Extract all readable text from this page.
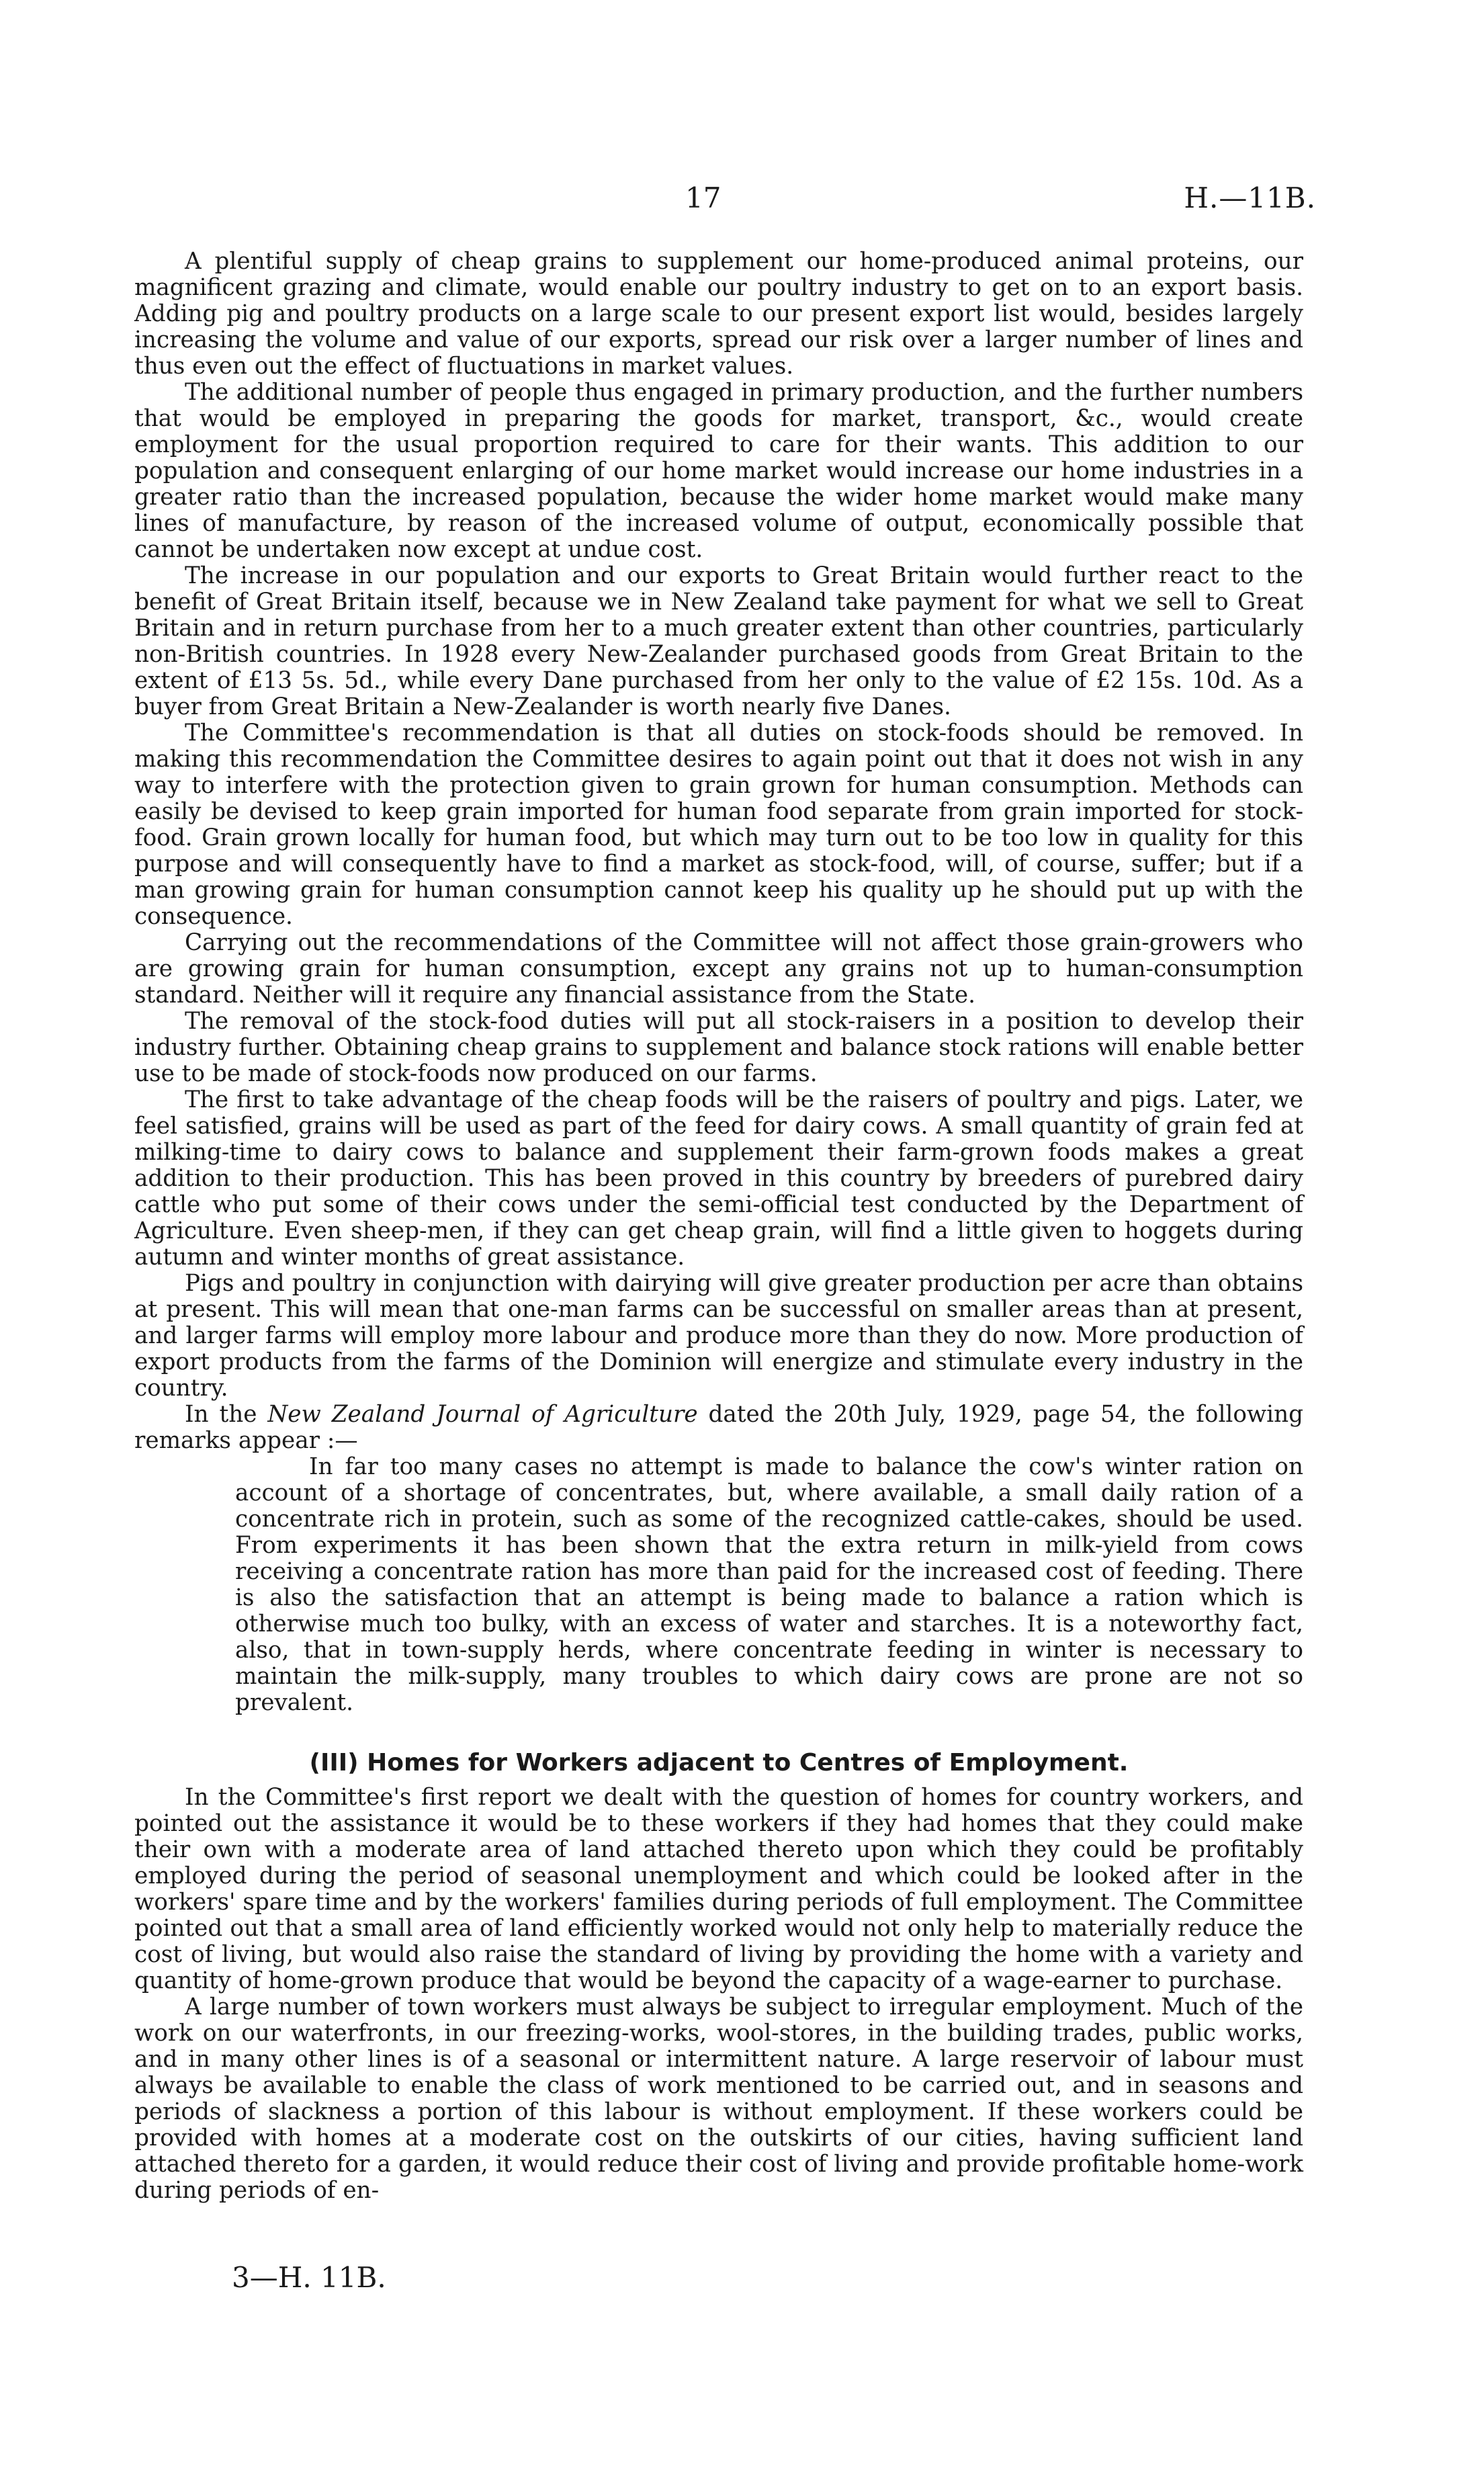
17	H.—11B.

A plentiful supply of cheap grains to supplement our home-produced animal proteins, our magnificent grazing and climate, would enable our poultry industry to get on to an export basis. Adding pig and poultry products on a large scale to our present export list would, besides largely increasing the volume and value of our exports, spread our risk over a larger number of lines and thus even out the effect of fluctuations in market values.

The additional number of people thus engaged in primary production, and the further numbers that would be employed in preparing the goods for market, transport, &c., would create employment for the usual proportion required to care for their wants. This addition to our population and consequent enlarging of our home market would increase our home industries in a greater ratio than the increased population, because the wider home market would make many lines of manufacture, by reason of the increased volume of output, economically possible that cannot be undertaken now except at undue cost.

The increase in our population and our exports to Great Britain would further react to the benefit of Great Britain itself, because we in New Zealand take payment for what we sell to Great Britain and in return purchase from her to a much greater extent than other countries, particularly non-British countries. In 1928 every New-Zealander purchased goods from Great Britain to the extent of £13 5s. 5d., while every Dane purchased from her only to the value of £2 15s. 10d. As a buyer from Great Britain a New-Zealander is worth nearly five Danes.

The Committee's recommendation is that all duties on stock-foods should be removed. In making this recommendation the Committee desires to again point out that it does not wish in any way to interfere with the protection given to grain grown for human consumption. Methods can easily be devised to keep grain imported for human food separate from grain imported for stock-food. Grain grown locally for human food, but which may turn out to be too low in quality for this purpose and will consequently have to find a market as stock-food, will, of course, suffer; but if a man growing grain for human consumption cannot keep his quality up he should put up with the consequence.

Carrying out the recommendations of the Committee will not affect those grain-growers who are growing grain for human consumption, except any grains not up to human-consumption standard. Neither will it require any financial assistance from the State.

The removal of the stock-food duties will put all stock-raisers in a position to develop their industry further. Obtaining cheap grains to supplement and balance stock rations will enable better use to be made of stock-foods now produced on our farms.

The first to take advantage of the cheap foods will be the raisers of poultry and pigs. Later, we feel satisfied, grains will be used as part of the feed for dairy cows. A small quantity of grain fed at milking-time to dairy cows to balance and supplement their farm-grown foods makes a great addition to their production. This has been proved in this country by breeders of purebred dairy cattle who put some of their cows under the semi-official test conducted by the Department of Agriculture. Even sheep-men, if they can get cheap grain, will find a little given to hoggets during autumn and winter months of great assistance.

Pigs and poultry in conjunction with dairying will give greater production per acre than obtains at present. This will mean that one-man farms can be successful on smaller areas than at present, and larger farms will employ more labour and produce more than they do now. More production of export products from the farms of the Dominion will energize and stimulate every industry in the country.

In the New Zealand Journal of Agriculture dated the 20th July, 1929, page 54, the following remarks appear :—

In far too many cases no attempt is made to balance the cow's winter ration on account of a shortage of concentrates, but, where available, a small daily ration of a concentrate rich in protein, such as some of the recognized cattle-cakes, should be used. From experiments it has been shown that the extra return in milk-yield from cows receiving a concentrate ration has more than paid for the increased cost of feeding. There is also the satisfaction that an attempt is being made to balance a ration which is otherwise much too bulky, with an excess of water and starches. It is a noteworthy fact, also, that in town-supply herds, where concentrate feeding in winter is necessary to maintain the milk-supply, many troubles to which dairy cows are prone are not so prevalent.

(III) Homes for Workers adjacent to Centres of Employment.

In the Committee's first report we dealt with the question of homes for country workers, and pointed out the assistance it would be to these workers if they had homes that they could make their own with a moderate area of land attached thereto upon which they could be profitably employed during the period of seasonal unemployment and which could be looked after in the workers' spare time and by the workers' families during periods of full employment. The Committee pointed out that a small area of land efficiently worked would not only help to materially reduce the cost of living, but would also raise the standard of living by providing the home with a variety and quantity of home-grown produce that would be beyond the capacity of a wage-earner to purchase.

A large number of town workers must always be subject to irregular employment. Much of the work on our waterfronts, in our freezing-works, wool-stores, in the building trades, public works, and in many other lines is of a seasonal or intermittent nature. A large reservoir of labour must always be available to enable the class of work mentioned to be carried out, and in seasons and periods of slackness a portion of this labour is without employment. If these workers could be provided with homes at a moderate cost on the outskirts of our cities, having sufficient land attached thereto for a garden, it would reduce their cost of living and provide profitable home-work during periods of en-

3—H. 11B.
